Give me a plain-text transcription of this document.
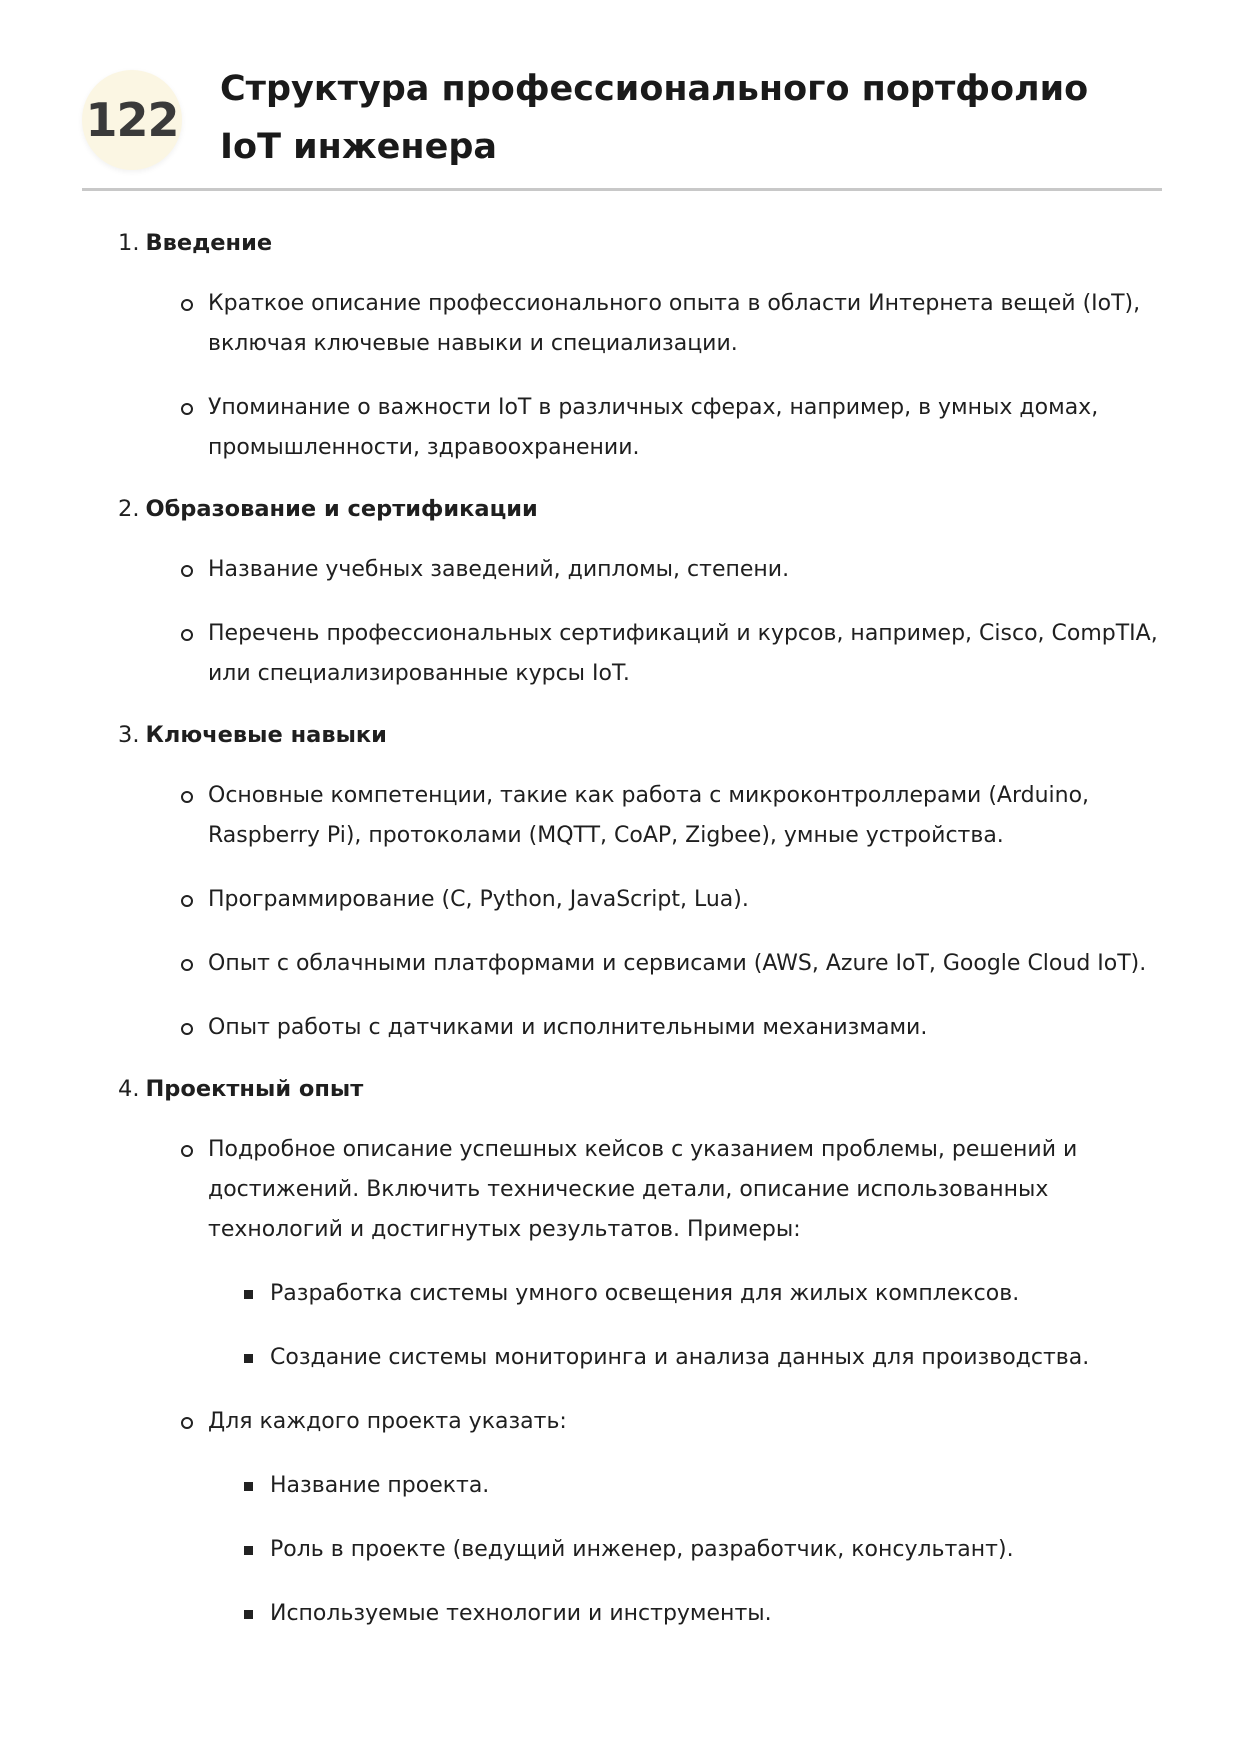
122
Структура профессионального портфолио IoT инженера
1. Введение
Краткое описание профессионального опыта в области Интернета вещей (IoT), включая ключевые навыки и специализации.
Упоминание о важности IoT в различных сферах, например, в умных домах, промышленности, здравоохранении.
2. Образование и сертификации
Название учебных заведений, дипломы, степени.
Перечень профессиональных сертификаций и курсов, например, Cisco, CompTIA, или специализированные курсы IoT.
3. Ключевые навыки
Основные компетенции, такие как работа с микроконтроллерами (Arduino, Raspberry Pi), протоколами (MQTT, CoAP, Zigbee), умные устройства.
Программирование (C, Python, JavaScript, Lua).
Опыт с облачными платформами и сервисами (AWS, Azure IoT, Google Cloud IoT).
Опыт работы с датчиками и исполнительными механизмами.
4. Проектный опыт
Подробное описание успешных кейсов с указанием проблемы, решений и достижений. Включить технические детали, описание использованных технологий и достигнутых результатов. Примеры:
Разработка системы умного освещения для жилых комплексов.
Создание системы мониторинга и анализа данных для производства.
Для каждого проекта указать:
Название проекта.
Роль в проекте (ведущий инженер, разработчик, консультант).
Используемые технологии и инструменты.
